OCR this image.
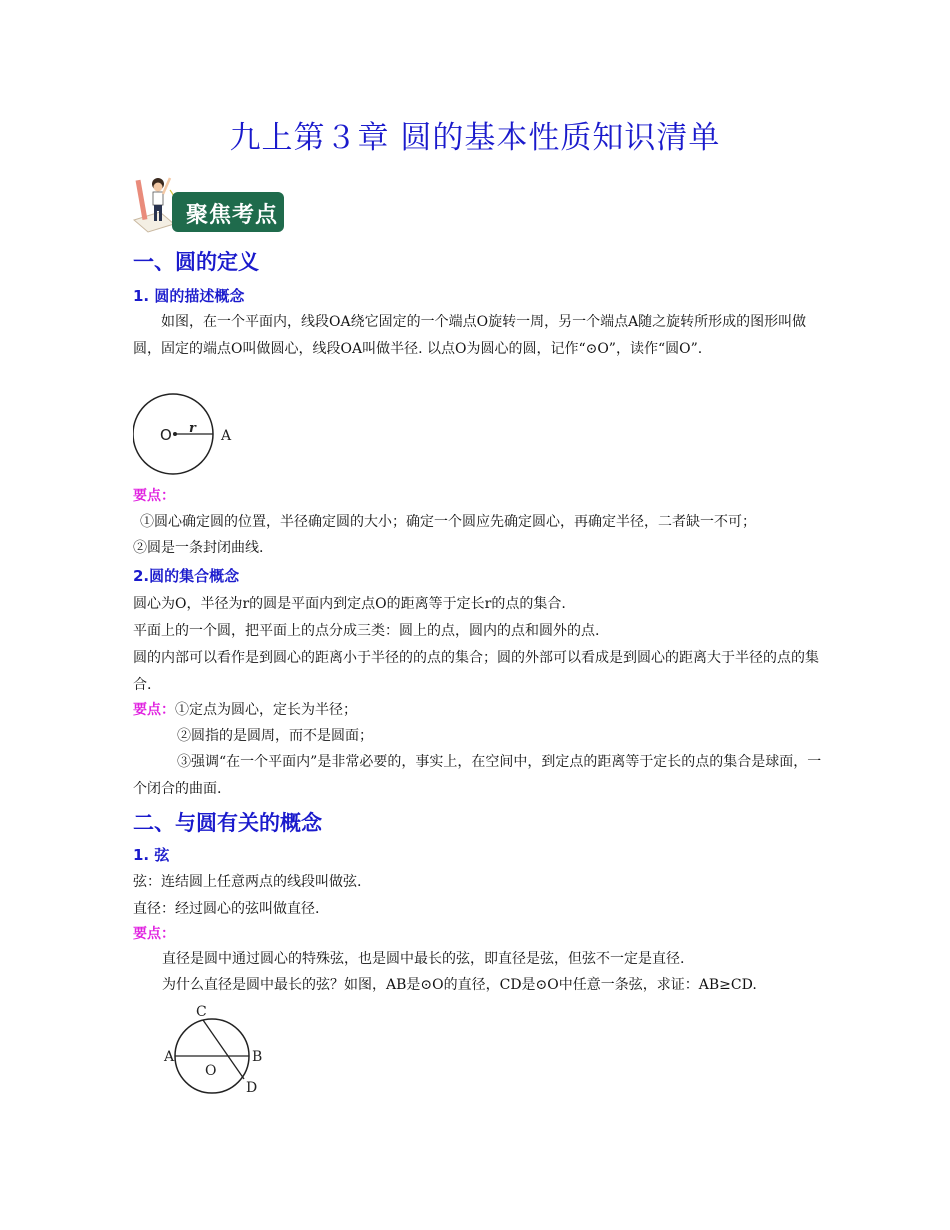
九上第３章 圆的基本性质知识清单
聚焦考点
一、圆的定义
1. 圆的描述概念
如图，在一个平面内，线段OA绕它固定的一个端点O旋转一周，另一个端点A随之旋转所形成的图形叫做圆，固定的端点O叫做圆心，线段OA叫做半径. 以点O为圆心的圆，记作“⊙O”，读作“圆O”.
O r A
要点：
①圆心确定圆的位置，半径确定圆的大小；确定一个圆应先确定圆心，再确定半径，二者缺一不可；
②圆是一条封闭曲线.
2.圆的集合概念
圆心为O，半径为r的圆是平面内到定点O的距离等于定长r的点的集合.
平面上的一个圆，把平面上的点分成三类：圆上的点，圆内的点和圆外的点.
圆的内部可以看作是到圆心的距离小于半径的的点的集合；圆的外部可以看成是到圆心的距离大于半径的点的集合.
要点：①定点为圆心，定长为半径；
②圆指的是圆周，而不是圆面；
③强调“在一个平面内”是非常必要的，事实上，在空间中，到定点的距离等于定长的点的集合是球面，一个闭合的曲面.
二、与圆有关的概念
1. 弦
弦：连结圆上任意两点的线段叫做弦.
直径：经过圆心的弦叫做直径.
要点：
直径是圆中通过圆心的特殊弦，也是圆中最长的弦，即直径是弦，但弦不一定是直径.
为什么直径是圆中最长的弦？如图，AB是⊙O的直径，CD是⊙O中任意一条弦，求证：AB≥CD.
C
A	B
O
D
